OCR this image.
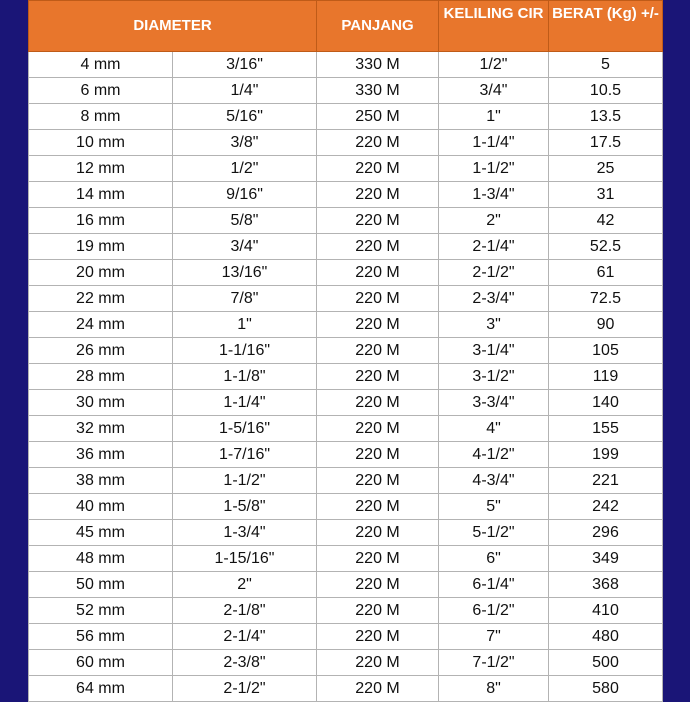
DIAMETER		PANJANG	KELILING CIR	BERAT (Kg) +/-
4 mm	3/16"	330 M	1/2"	5
6 mm	1/4"	330 M	3/4"	10.5
8 mm	5/16"	250 M	1"	13.5
10 mm	3/8"	220 M	1-1/4"	17.5
12 mm	1/2"	220 M	1-1/2"	25
14 mm	9/16"	220 M	1-3/4"	31
16 mm	5/8"	220 M	2"	42
19 mm	3/4"	220 M	2-1/4"	52.5
20 mm	13/16"	220 M	2-1/2"	61
22 mm	7/8"	220 M	2-3/4"	72.5
24 mm	1"	220 M	3"	90
26 mm	1-1/16"	220 M	3-1/4"	105
28 mm	1-1/8"	220 M	3-1/2"	119
30 mm	1-1/4"	220 M	3-3/4"	140
32 mm	1-5/16"	220 M	4"	155
36 mm	1-7/16"	220 M	4-1/2"	199
38 mm	1-1/2"	220 M	4-3/4"	221
40 mm	1-5/8"	220 M	5"	242
45 mm	1-3/4"	220 M	5-1/2"	296
48 mm	1-15/16"	220 M	6"	349
50 mm	2"	220 M	6-1/4"	368
52 mm	2-1/8"	220 M	6-1/2"	410
56 mm	2-1/4"	220 M	7"	480
60 mm	2-3/8"	220 M	7-1/2"	500
64 mm	2-1/2"	220 M	8"	580
